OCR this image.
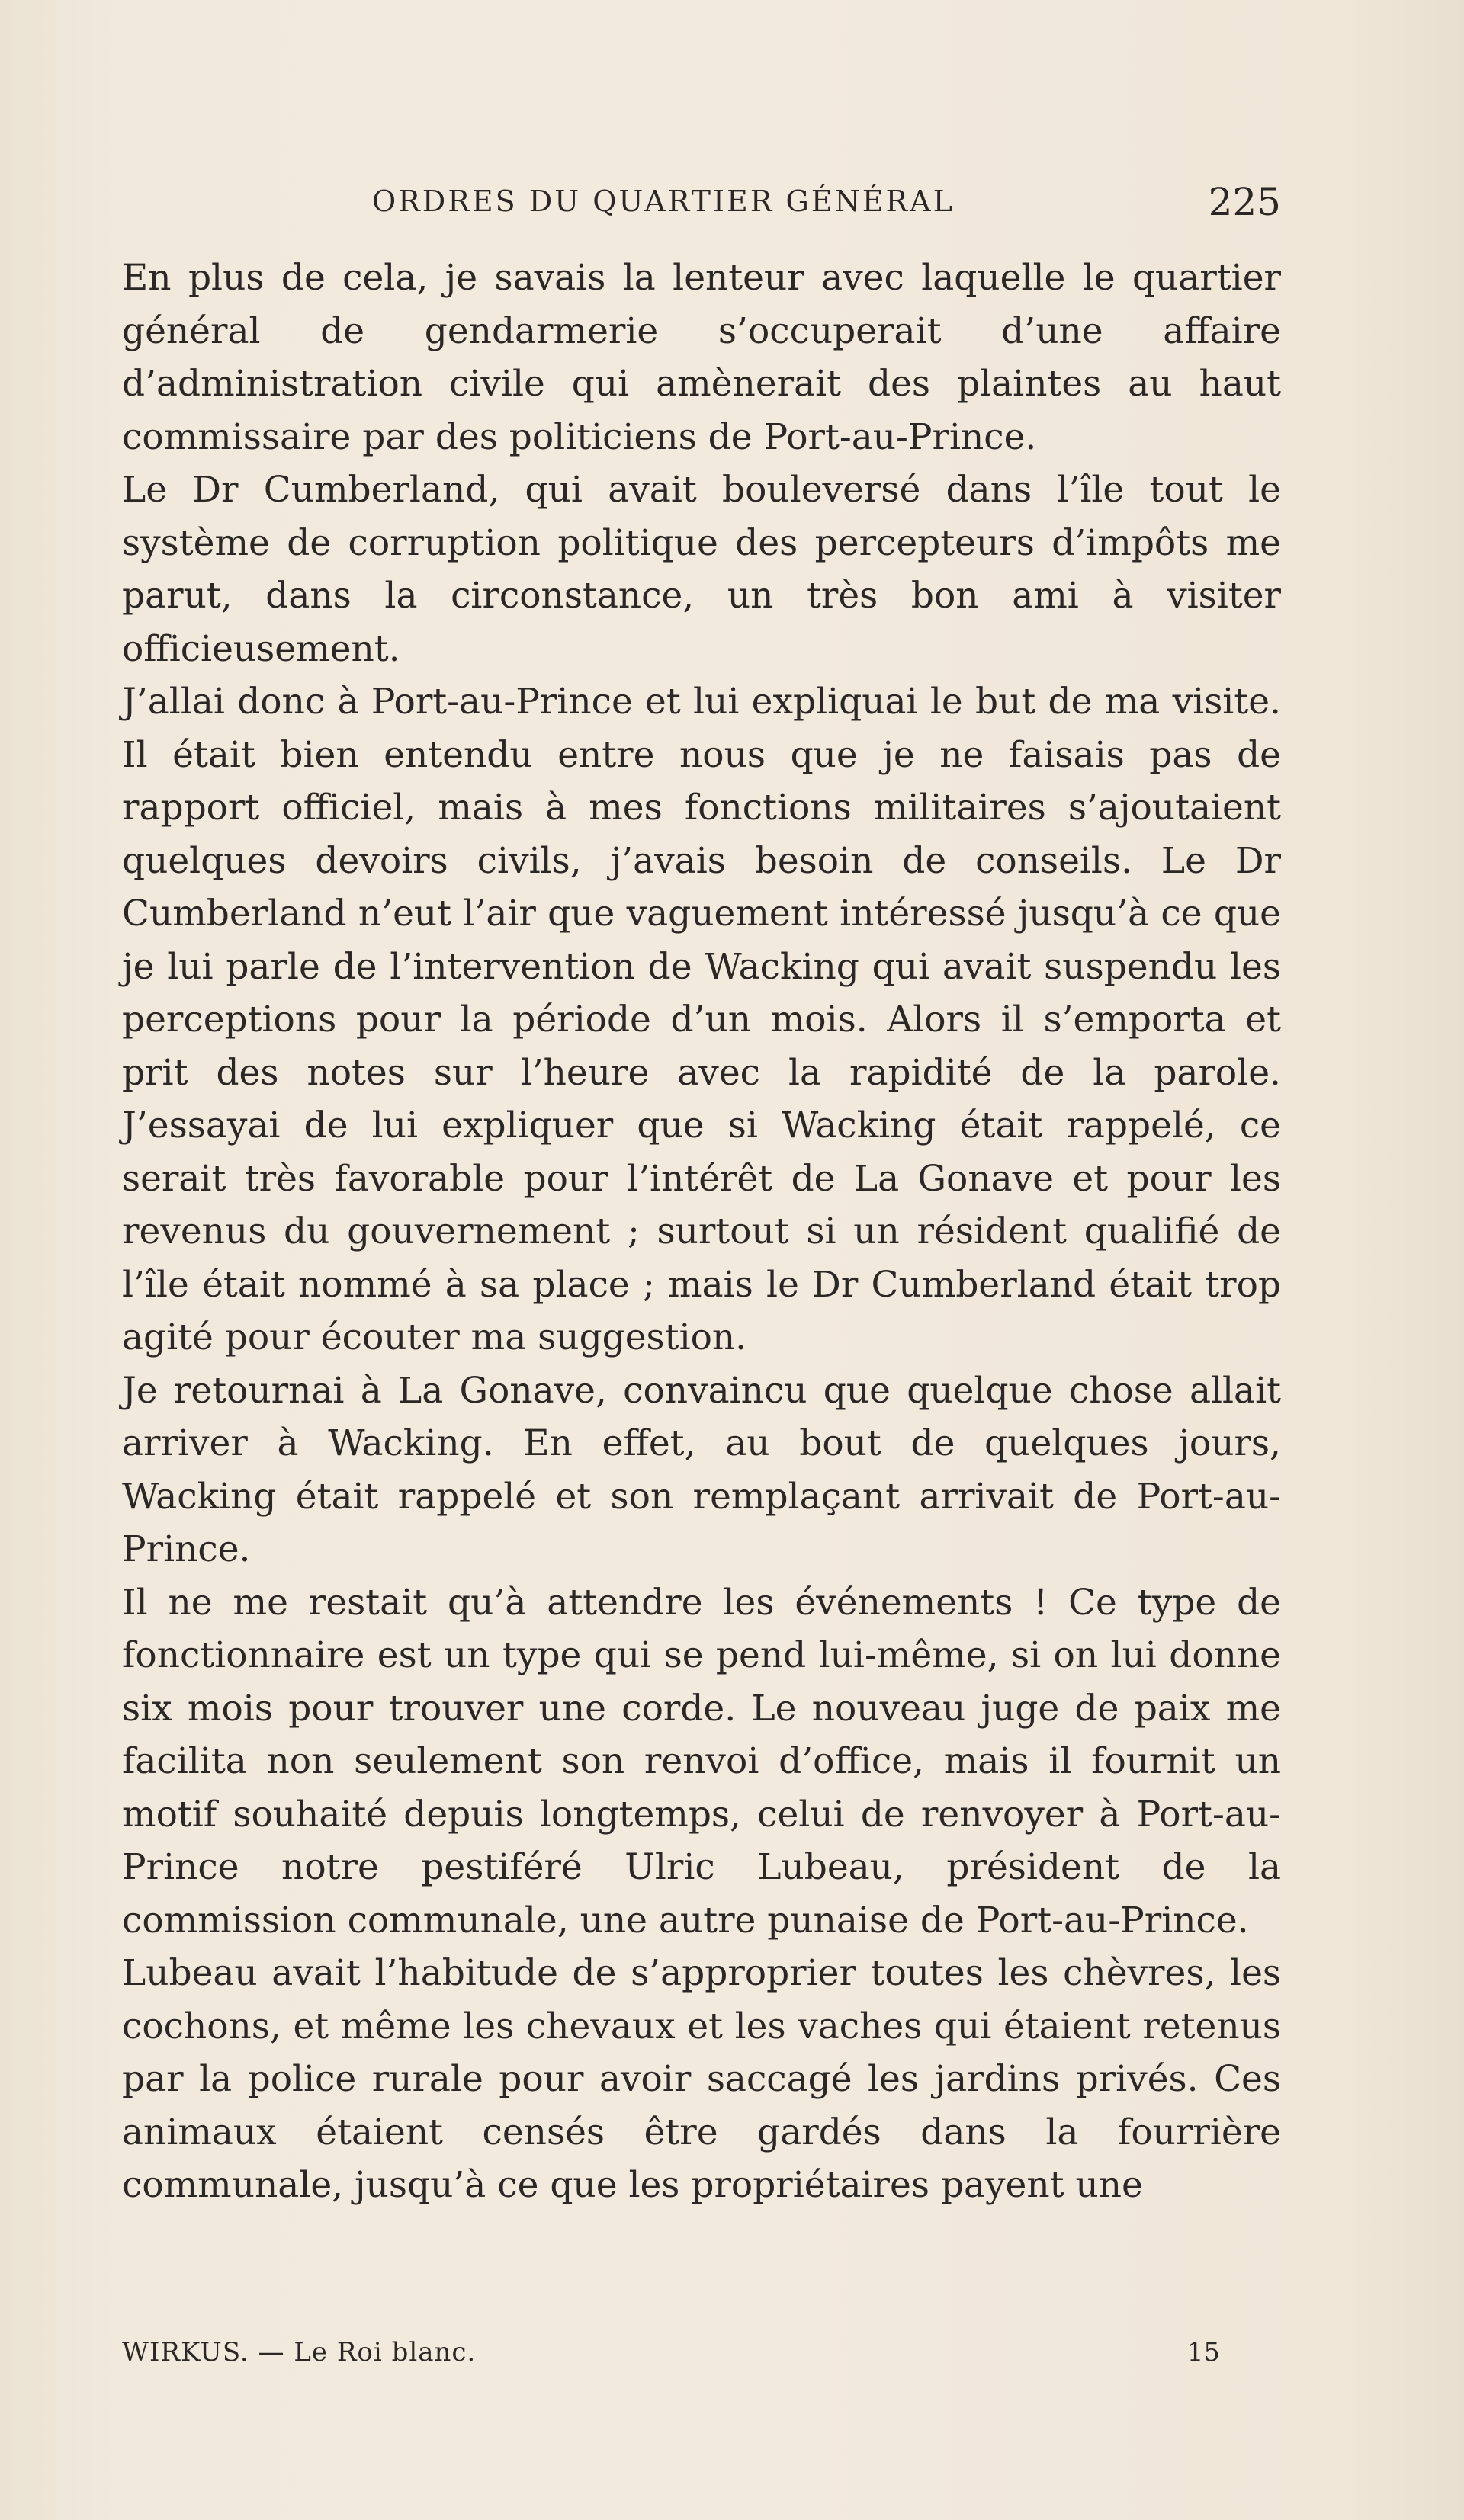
ORDRES DU QUARTIER GÉNÉRAL	225

En plus de cela, je savais la lenteur avec laquelle le quartier général de gendarmerie s’occuperait d’une affaire d’administration civile qui amènerait des plaintes au haut commissaire par des politiciens de Port-au-Prince.

Le Dr Cumberland, qui avait bouleversé dans l’île tout le système de corruption politique des percepteurs d’impôts me parut, dans la circonstance, un très bon ami à visiter officieusement.

J’allai donc à Port-au-Prince et lui expliquai le but de ma visite. Il était bien entendu entre nous que je ne faisais pas de rapport officiel, mais à mes fonctions militaires s’ajoutaient quelques devoirs civils, j’avais besoin de conseils. Le Dr Cumberland n’eut l’air que vaguement intéressé jusqu’à ce que je lui parle de l’intervention de Wacking qui avait suspendu les perceptions pour la période d’un mois. Alors il s’emporta et prit des notes sur l’heure avec la rapidité de la parole. J’essayai de lui expliquer que si Wacking était rappelé, ce serait très favorable pour l’intérêt de La Gonave et pour les revenus du gouvernement ; surtout si un résident qualifié de l’île était nommé à sa place ; mais le Dr Cumberland était trop agité pour écouter ma suggestion.

Je retournai à La Gonave, convaincu que quelque chose allait arriver à Wacking. En effet, au bout de quelques jours, Wacking était rappelé et son remplaçant arrivait de Port-au-Prince.

Il ne me restait qu’à attendre les événements ! Ce type de fonctionnaire est un type qui se pend lui-même, si on lui donne six mois pour trouver une corde. Le nouveau juge de paix me facilita non seulement son renvoi d’office, mais il fournit un motif souhaité depuis longtemps, celui de renvoyer à Port-au-Prince notre pestiféré Ulric Lubeau, président de la commission communale, une autre punaise de Port-au-Prince.

Lubeau avait l’habitude de s’approprier toutes les chèvres, les cochons, et même les chevaux et les vaches qui étaient retenus par la police rurale pour avoir saccagé les jardins privés. Ces animaux étaient censés être gardés dans la fourrière communale, jusqu’à ce que les propriétaires payent une

WIRKUS. — Le Roi blanc.	15
